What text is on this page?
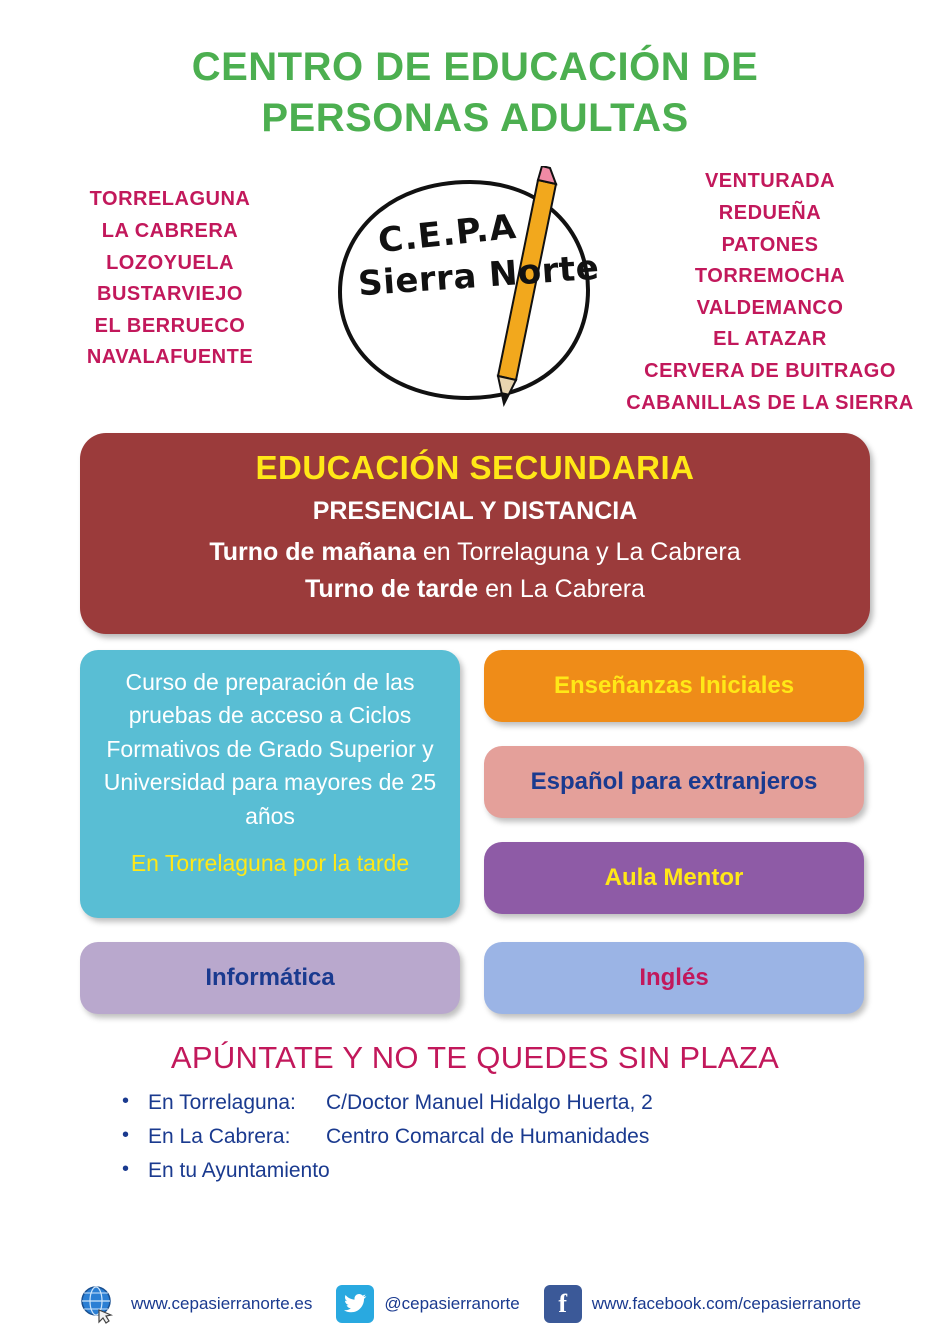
CENTRO DE EDUCACIÓN DE
PERSONAS ADULTAS
TORRELAGUNA
LA CABRERA
LOZOYUELA
BUSTARVIEJO
EL BERRUECO
NAVALAFUENTE
C.E.P.A
Sierra Norte
VENTURADA
REDUEÑA
PATONES
TORREMOCHA
VALDEMANCO
EL ATAZAR
CERVERA DE BUITRAGO
CABANILLAS DE LA SIERRA
EDUCACIÓN SECUNDARIA
PRESENCIAL Y DISTANCIA
Turno de mañana en Torrelaguna y La Cabrera
Turno de tarde en La Cabrera
Curso de preparación de las pruebas de acceso a Ciclos Formativos de Grado Superior y Universidad para mayores de 25 años
En Torrelaguna por la tarde
Enseñanzas Iniciales
Español para extranjeros
Aula Mentor
Informática	Inglés
APÚNTATE Y NO TE QUEDES SIN PLAZA
• En Torrelaguna: C/Doctor Manuel Hidalgo Huerta, 2
• En La Cabrera: Centro Comarcal de Humanidades
• En tu Ayuntamiento
www.cepasierranorte.es	@cepasierranorte	f	www.facebook.com/cepasierranorte
